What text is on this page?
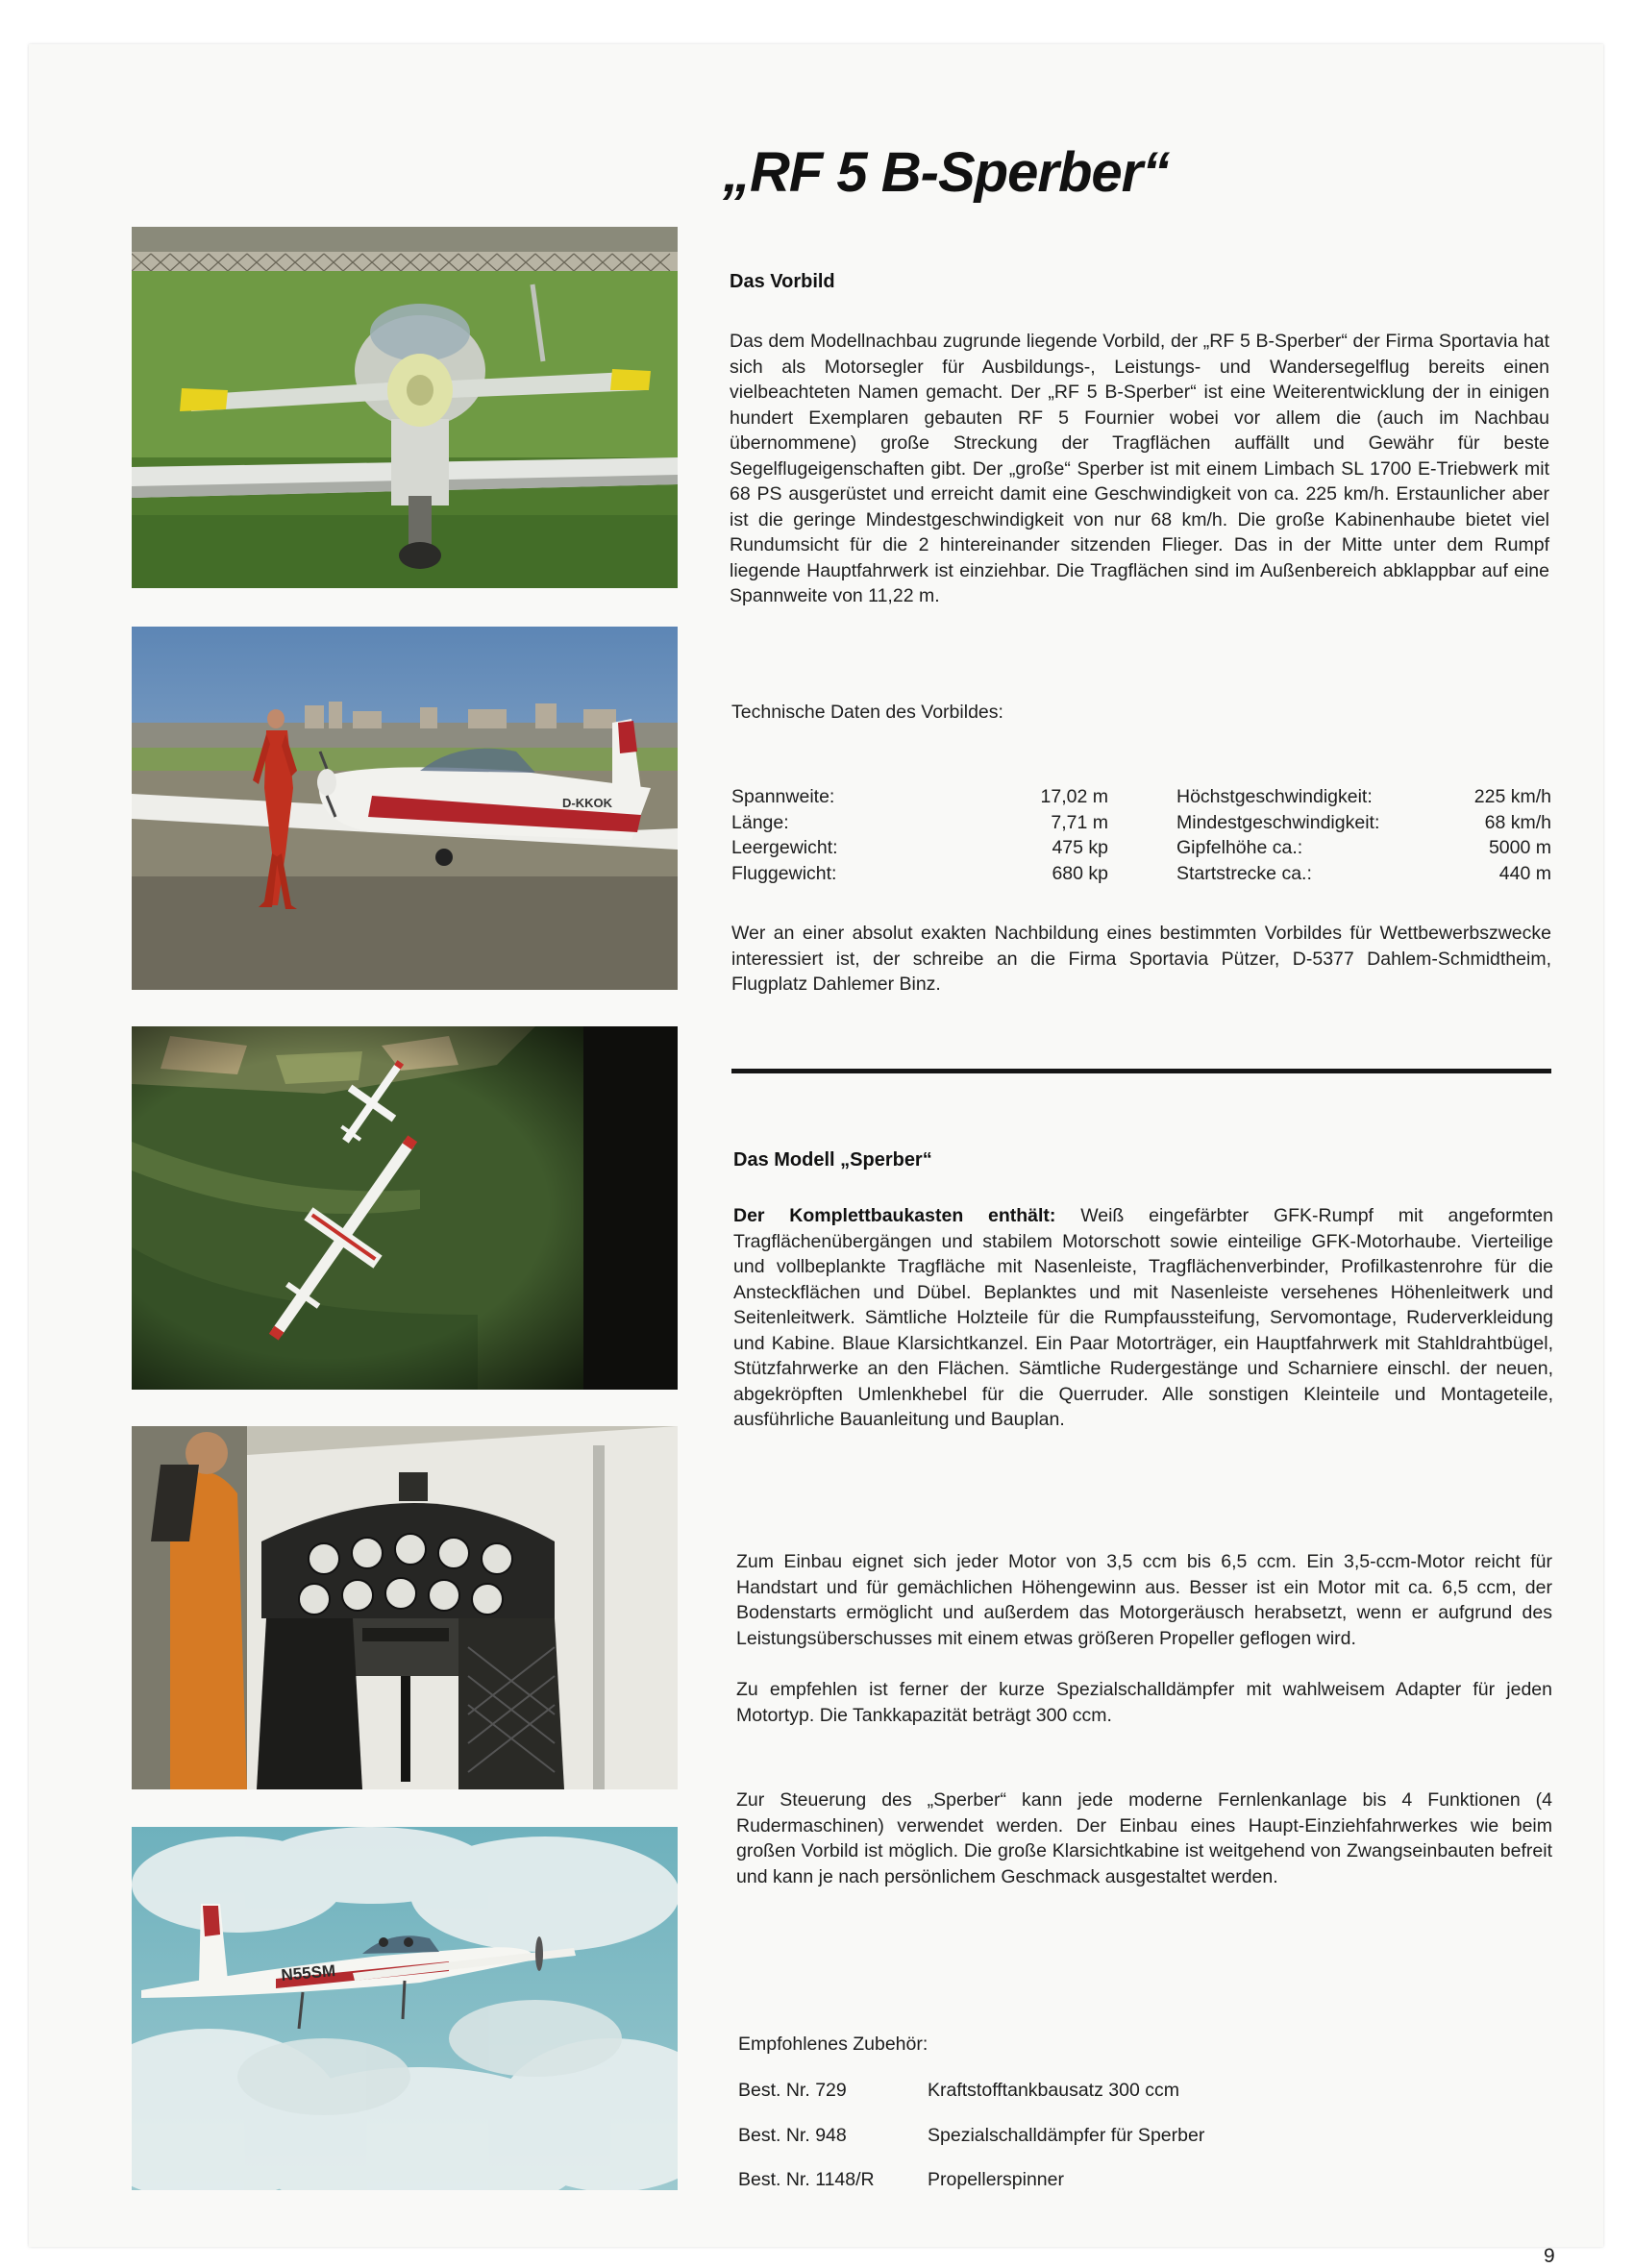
D-KKOK
N55SM
„RF 5 B-Sperber“
Das Vorbild

Das dem Modellnachbau zugrunde liegende Vorbild, der „RF 5 B-Sperber“ der Firma Sportavia hat sich als Motorsegler für Ausbildungs-, Leistungs- und Wandersegelflug bereits einen vielbeachteten Namen gemacht. Der „RF 5 B-Sperber“ ist eine Weiterentwicklung der in einigen hundert Exemplaren gebauten RF 5 Fournier wobei vor allem die (auch im Nachbau übernommene) große Streckung der Tragflächen auffällt und Gewähr für beste Segelflugeigenschaften gibt. Der „große“ Sperber ist mit einem Limbach SL 1700 E-Triebwerk mit 68 PS ausgerüstet und erreicht damit eine Geschwindigkeit von ca. 225 km/h. Erstaunlicher aber ist die geringe Mindestgeschwindigkeit von nur 68 km/h. Die große Kabinenhaube bietet viel Rundumsicht für die 2 hintereinander sitzenden Flieger. Das in der Mitte unter dem Rumpf liegende Hauptfahrwerk ist einziehbar. Die Tragflächen sind im Außenbereich abklappbar auf eine Spannweite von 11,22 m.

Technische Daten des Vorbildes:

Spannweite:	17,02 m
Länge:	7,71 m
Leergewicht:	475 kp
Fluggewicht:	680 kp
Höchstgeschwindigkeit:	225 km/h
Mindestgeschwindigkeit:	68 km/h
Gipfelhöhe ca.:	5000 m
Startstrecke ca.:	440 m

Wer an einer absolut exakten Nachbildung eines bestimmten Vorbildes für Wettbewerbszwecke interessiert ist, der schreibe an die Firma Sportavia Pützer, D-5377 Dahlem-Schmidtheim, Flugplatz Dahlemer Binz.

Das Modell „Sperber“

Der Komplettbaukasten enthält: Weiß eingefärbter GFK-Rumpf mit angeformten Tragflächenübergängen und stabilem Motorschott sowie einteilige GFK-Motorhaube. Vierteilige und vollbeplankte Tragfläche mit Nasenleiste, Tragflächenverbinder, Profilkastenrohre für die Ansteckflächen und Dübel. Beplanktes und mit Nasenleiste versehenes Höhenleitwerk und Seitenleitwerk. Sämtliche Holzteile für die Rumpfaussteifung, Servomontage, Ruderverkleidung und Kabine. Blaue Klarsichtkanzel. Ein Paar Motorträger, ein Hauptfahrwerk mit Stahldrahtbügel, Stützfahrwerke an den Flächen. Sämtliche Rudergestänge und Scharniere einschl. der neuen, abgekröpften Umlenkhebel für die Querruder. Alle sonstigen Kleinteile und Montageteile, ausführliche Bauanleitung und Bauplan.

Zum Einbau eignet sich jeder Motor von 3,5 ccm bis 6,5 ccm. Ein 3,5-ccm-Motor reicht für Handstart und für gemächlichen Höhengewinn aus. Besser ist ein Motor mit ca. 6,5 ccm, der Bodenstarts ermöglicht und außerdem das Motorgeräusch herabsetzt, wenn er aufgrund des Leistungsüberschusses mit einem etwas größeren Propeller geflogen wird.

Zu empfehlen ist ferner der kurze Spezialschalldämpfer mit wahlweisem Adapter für jeden Motortyp. Die Tankkapazität beträgt 300 ccm.

Zur Steuerung des „Sperber“ kann jede moderne Fernlenkanlage bis 4 Funktionen (4 Rudermaschinen) verwendet werden. Der Einbau eines Haupt-Einziehfahrwerkes wie beim großen Vorbild ist möglich. Die große Klarsichtkabine ist weitgehend von Zwangseinbauten befreit und kann je nach persönlichem Geschmack ausgestaltet werden.

Empfohlenes Zubehör:

Best. Nr. 729	Kraftstofftankbausatz 300 ccm
Best. Nr. 948	Spezialschalldämpfer für Sperber
Best. Nr. 1148/R	Propellerspinner

9
